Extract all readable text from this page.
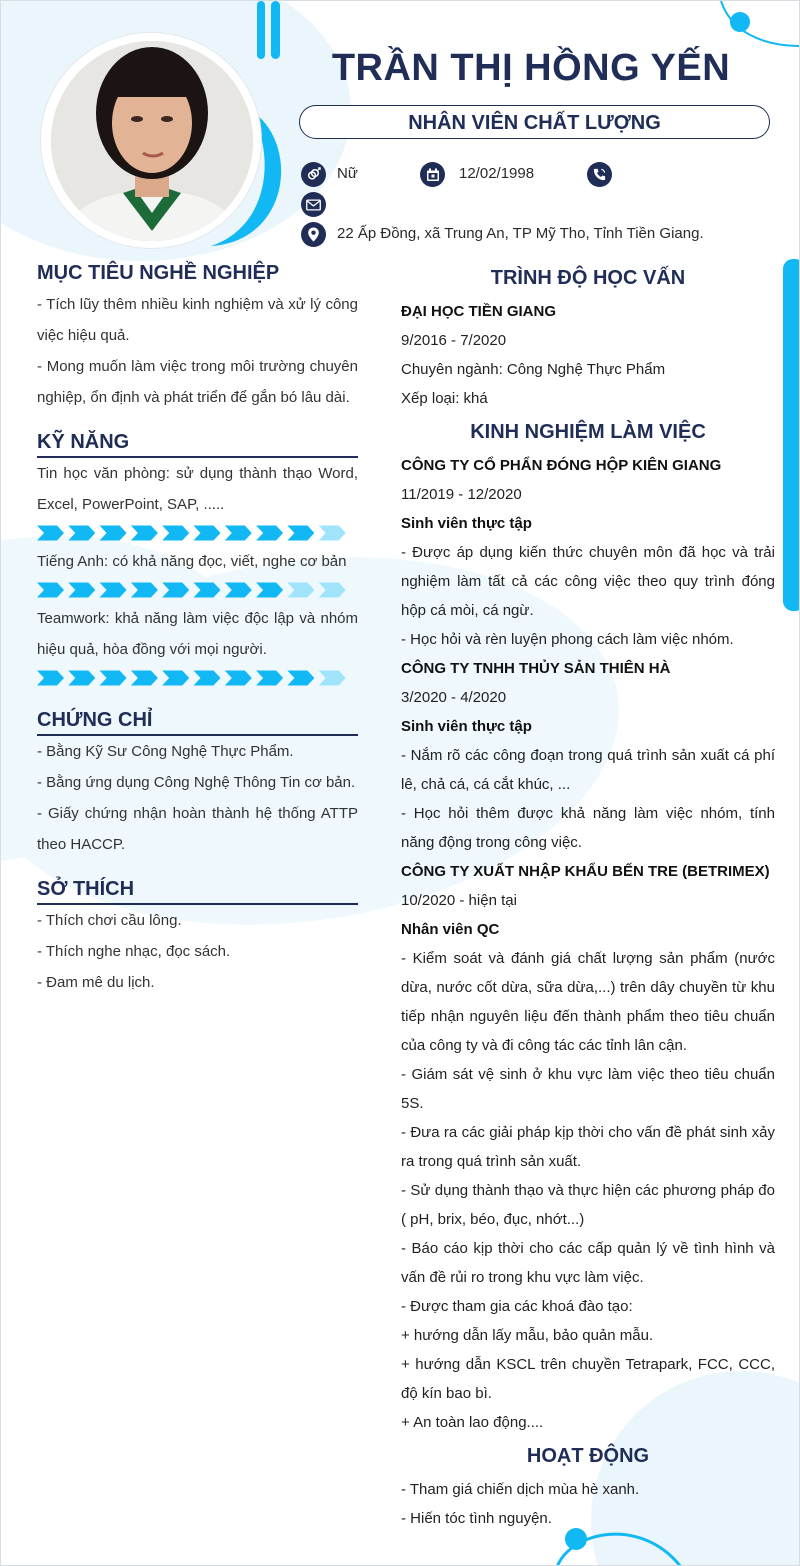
TRẦN THỊ HỒNG YẾN
NHÂN VIÊN CHẤT LƯỢNG
Nữ	12/02/1998
22 Ấp Đồng, xã Trung An, TP Mỹ Tho, Tỉnh Tiền Giang.
MỤC TIÊU NGHỀ NGHIỆP
- Tích lũy thêm nhiều kinh nghiệm và xử lý công việc hiệu quả.
- Mong muốn làm việc trong môi trường chuyên nghiệp, ổn định và phát triển để gắn bó lâu dài.
KỸ NĂNG
Tin học văn phòng: sử dụng thành thạo Word, Excel, PowerPoint, SAP, .....
Tiếng Anh: có khả năng đọc, viết, nghe cơ bản
Teamwork: khả năng làm việc độc lập và nhóm hiệu quả, hòa đồng với mọi người.
CHỨNG CHỈ
- Bằng Kỹ Sư Công Nghệ Thực Phẩm.
- Bằng ứng dụng Công Nghệ Thông Tin cơ bản.
- Giấy chứng nhận hoàn thành hệ thống ATTP theo HACCP.
SỞ THÍCH
- Thích chơi cầu lông.
- Thích nghe nhạc, đọc sách.
- Đam mê du lịch.
TRÌNH ĐỘ HỌC VẤN
ĐẠI HỌC TIỀN GIANG
9/2016 - 7/2020
Chuyên ngành: Công Nghệ Thực Phẩm
Xếp loại: khá
KINH NGHIỆM LÀM VIỆC
CÔNG TY CỔ PHẨN ĐÓNG HỘP KIÊN GIANG
11/2019 - 12/2020
Sinh viên thực tập
- Được áp dụng kiến thức chuyên môn đã học và trải nghiệm làm tất cả các công việc theo quy trình đóng hộp cá mòi, cá ngừ.
- Học hỏi và rèn luyện phong cách làm việc nhóm.
CÔNG TY TNHH THỦY SẢN THIÊN HÀ
3/2020 - 4/2020
Sinh viên thực tập
- Nắm rõ các công đoạn trong quá trình sản xuất cá phí lê, chả cá, cá cắt khúc, ...
- Học hỏi thêm được khả năng làm việc nhóm, tính năng động trong công việc.
CÔNG TY XUẤT NHẬP KHẨU BẾN TRE (BETRIMEX)
10/2020 - hiện tại
Nhân viên QC
- Kiểm soát và đánh giá chất lượng sản phẩm (nước dừa, nước cốt dừa, sữa dừa,...) trên dây chuyền từ khu tiếp nhận nguyên liệu đến thành phẩm theo tiêu chuẩn của công ty và đi công tác các tỉnh lân cận.
- Giám sát vệ sinh ở khu vực làm việc theo tiêu chuẩn 5S.
- Đưa ra các giải pháp kịp thời cho vấn đề phát sinh xảy ra trong quá trình sản xuất.
- Sử dụng thành thạo và thực hiện các phương pháp đo ( pH, brix, béo, đục, nhớt...)
- Báo cáo kịp thời cho các cấp quản lý về tình hình và vấn đề rủi ro trong khu vực làm việc.
- Được tham gia các khoá đào tạo:
+ hướng dẫn lấy mẫu, bảo quản mẫu.
+ hướng dẫn KSCL trên chuyền Tetrapark, FCC, CCC, độ kín bao bì.
+ An toàn lao động....
HOẠT ĐỘNG
- Tham giá chiến dịch mùa hè xanh.
- Hiến tóc tình nguyện.
